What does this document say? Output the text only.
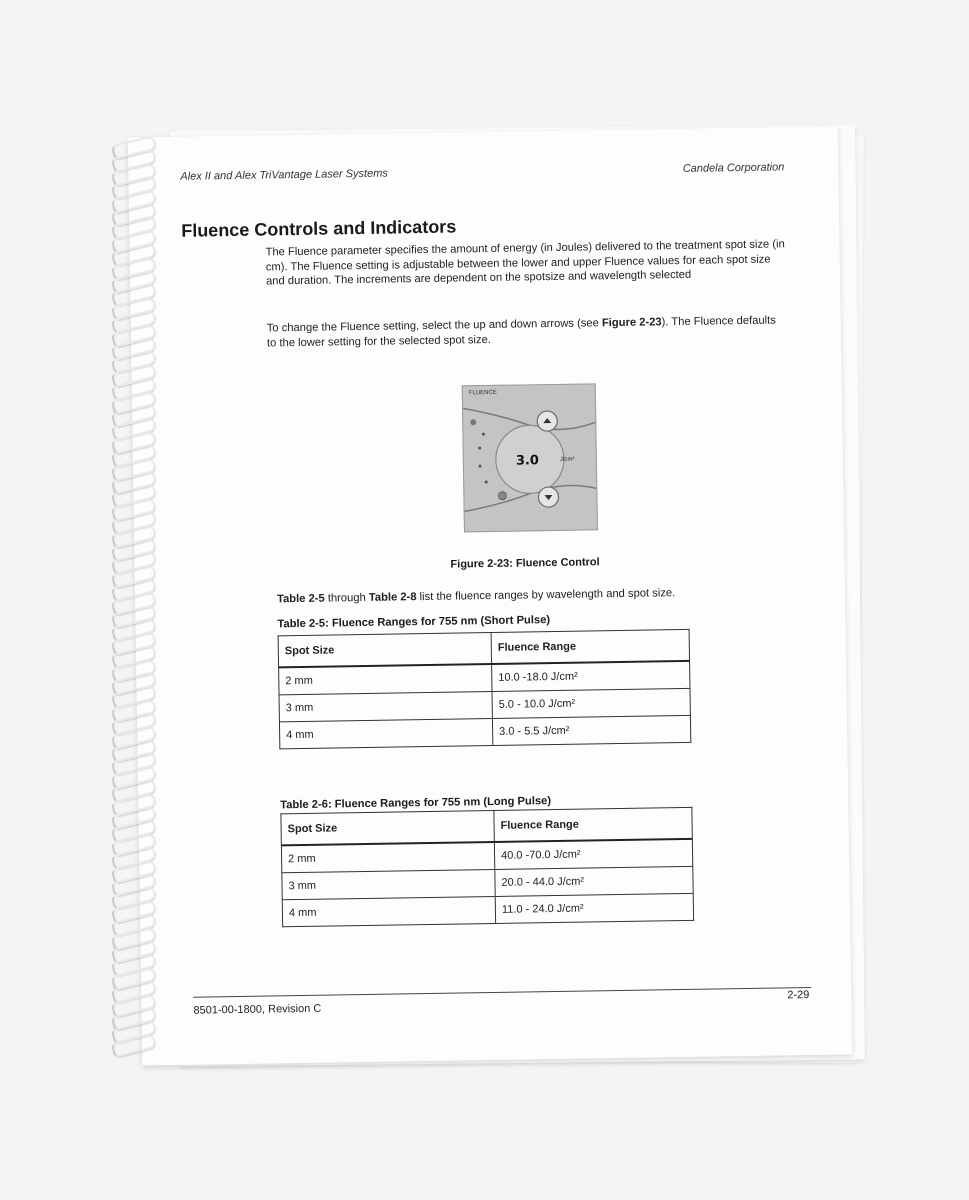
Alex II and Alex TriVantage Laser Systems	Candela Corporation
Fluence Controls and Indicators
The Fluence parameter specifies the amount of energy (in Joules) delivered to the treatment spot size (in cm). The Fluence setting is adjustable between the lower and upper Fluence values for each spot size and duration. The increments are dependent on the spotsize and wavelength selected
To change the Fluence setting, select the up and down arrows (see Figure 2-23). The Fluence defaults to the lower setting for the selected spot size.
FLUENCE
3.0	J/cm²
Figure 2-23: Fluence Control
Table 2-5 through Table 2-8 list the fluence ranges by wavelength and spot size.
Table 2-5: Fluence Ranges for 755 nm (Short Pulse)
Spot Size	Fluence Range
2 mm	10.0 -18.0 J/cm²
3 mm	5.0 - 10.0 J/cm²
4 mm	3.0 - 5.5 J/cm²
Table 2-6: Fluence Ranges for 755 nm (Long Pulse)
Spot Size	Fluence Range
2 mm	40.0 -70.0 J/cm²
3 mm	20.0 - 44.0 J/cm²
4 mm	11.0 - 24.0 J/cm²
8501-00-1800, Revision C
2-29
